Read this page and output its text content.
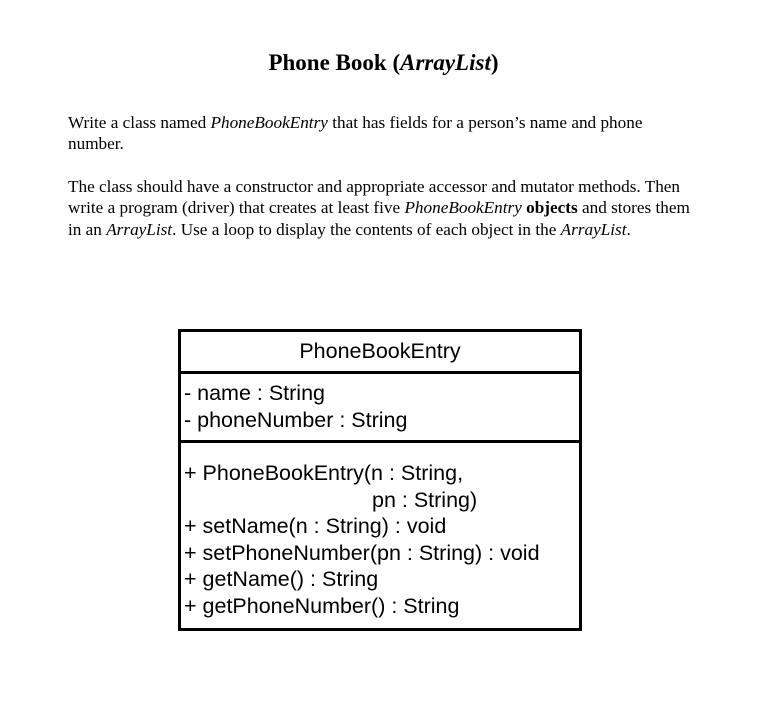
Phone Book (ArrayList)

Write a class named PhoneBookEntry that has fields for a person’s name and phone number.

The class should have a constructor and appropriate accessor and mutator methods. Then write a program (driver) that creates at least five PhoneBookEntry objects and stores them in an ArrayList. Use a loop to display the contents of each object in the ArrayList.

PhoneBookEntry
- name : String
- phoneNumber : String
+ PhoneBookEntry(n : String,
pn : String)
+ setName(n : String) : void
+ setPhoneNumber(pn : String) : void
+ getName() : String
+ getPhoneNumber() : String
